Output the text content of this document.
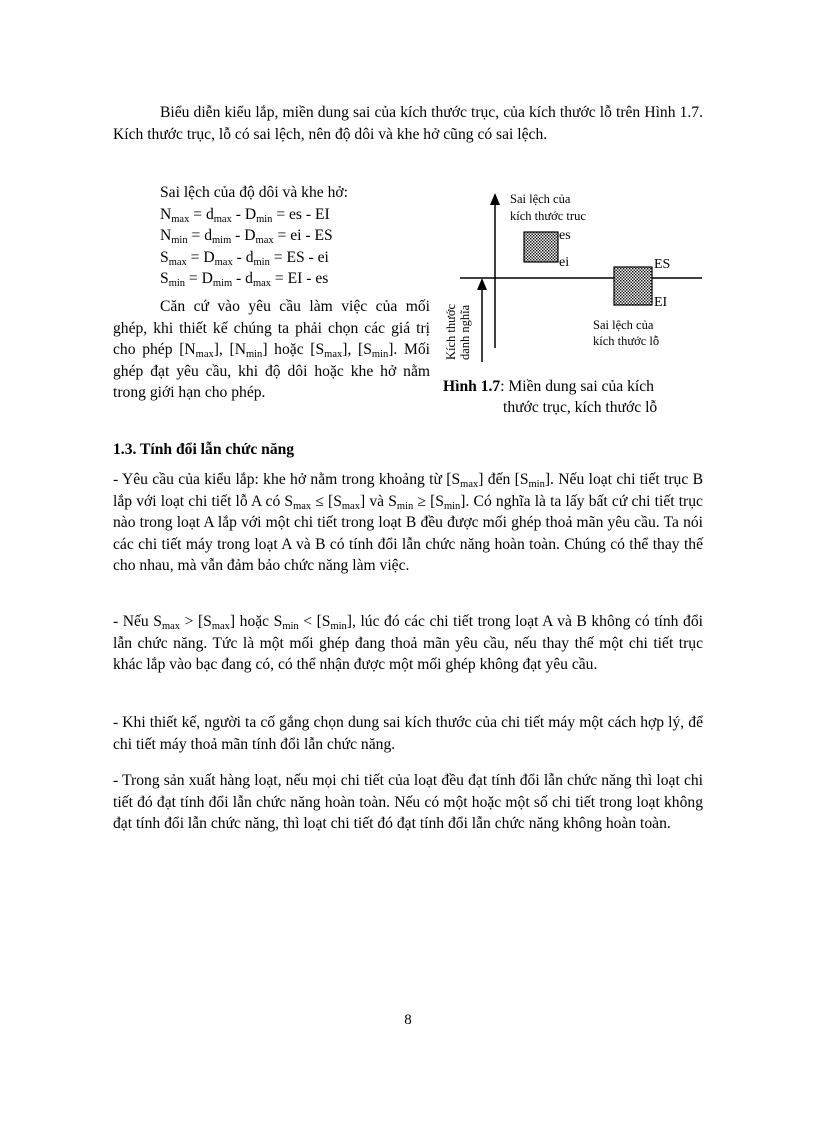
Biểu diễn kiểu lắp, miền dung sai của kích thước trục, của kích thước lỗ trên Hình 1.7. Kích thước trục, lỗ có sai lệch, nên độ dôi và khe hở cũng có sai lệch.

Sai lệch của độ dôi và khe hở:
$N_{max} = d_{max} - D_{min}$ = es - EI
$N_{min} = d_{mim} - D_{max}$ = ei - ES
$S_{max} = D_{max} - d_{min}$ = ES - ei
$S_{min} = D_{mim} - d_{max}$ = EI - es

Căn cứ vào yêu cầu làm việc của mối ghép, khi thiết kế chúng ta phải chọn các giá trị cho phép $[N_{max}]$, $[N_{min}]$ hoặc $[S_{max}]$, $[S_{min}]$. Mối ghép đạt yêu cầu, khi độ dôi hoặc khe hở nằm trong giới hạn cho phép.

Sai lệch của
kích thước truc
es
ei	ES
EI
Sai lệch của
kích thước lỗ
Kích thước danh nghĩa
Hình 1.7: Miền dung sai của kích
thước trục, kích thước lỗ
1.3. Tính đổi lẫn chức năng

- Yêu cầu của kiểu lắp: khe hở nằm trong khoảng từ $[S_{max}]$ đến $[S_{min}]$. Nếu loạt chi tiết trục B lắp với loạt chi tiết lỗ A có $S_{max} \le [S_{max}]$ và $S_{min} \ge [S_{min}]$. Có nghĩa là ta lấy bất cứ chi tiết trục nào trong loạt A lắp với một chi tiết trong loạt B đều được mối ghép thoả mãn yêu cầu. Ta nói các chi tiết máy trong loạt A và B có tính đổi lẫn chức năng hoàn toàn. Chúng có thể thay thế cho nhau, mà vẫn đảm bảo chức năng làm việc.

- Nếu $S_{max} > [S_{max}]$ hoặc $S_{min} < [S_{min}]$, lúc đó các chi tiết trong loạt A và B không có tính đổi lẫn chức năng. Tức là một mối ghép đang thoả mãn yêu cầu, nếu thay thế một chi tiết trục khác lắp vào bạc đang có, có thể nhận được một mối ghép không đạt yêu cầu.

- Khi thiết kế, người ta cố gắng chọn dung sai kích thước của chi tiết máy một cách hợp lý, để chi tiết máy thoả mãn tính đổi lẫn chức năng.

- Trong sản xuất hàng loạt, nếu mọi chi tiết của loạt đều đạt tính đổi lẫn chức năng thì loạt chi tiết đó đạt tính đổi lẫn chức năng hoàn toàn. Nếu có một hoặc một số chi tiết trong loạt không đạt tính đổi lẫn chức năng, thì loạt chi tiết đó đạt tính đổi lẫn chức năng không hoàn toàn.

8
